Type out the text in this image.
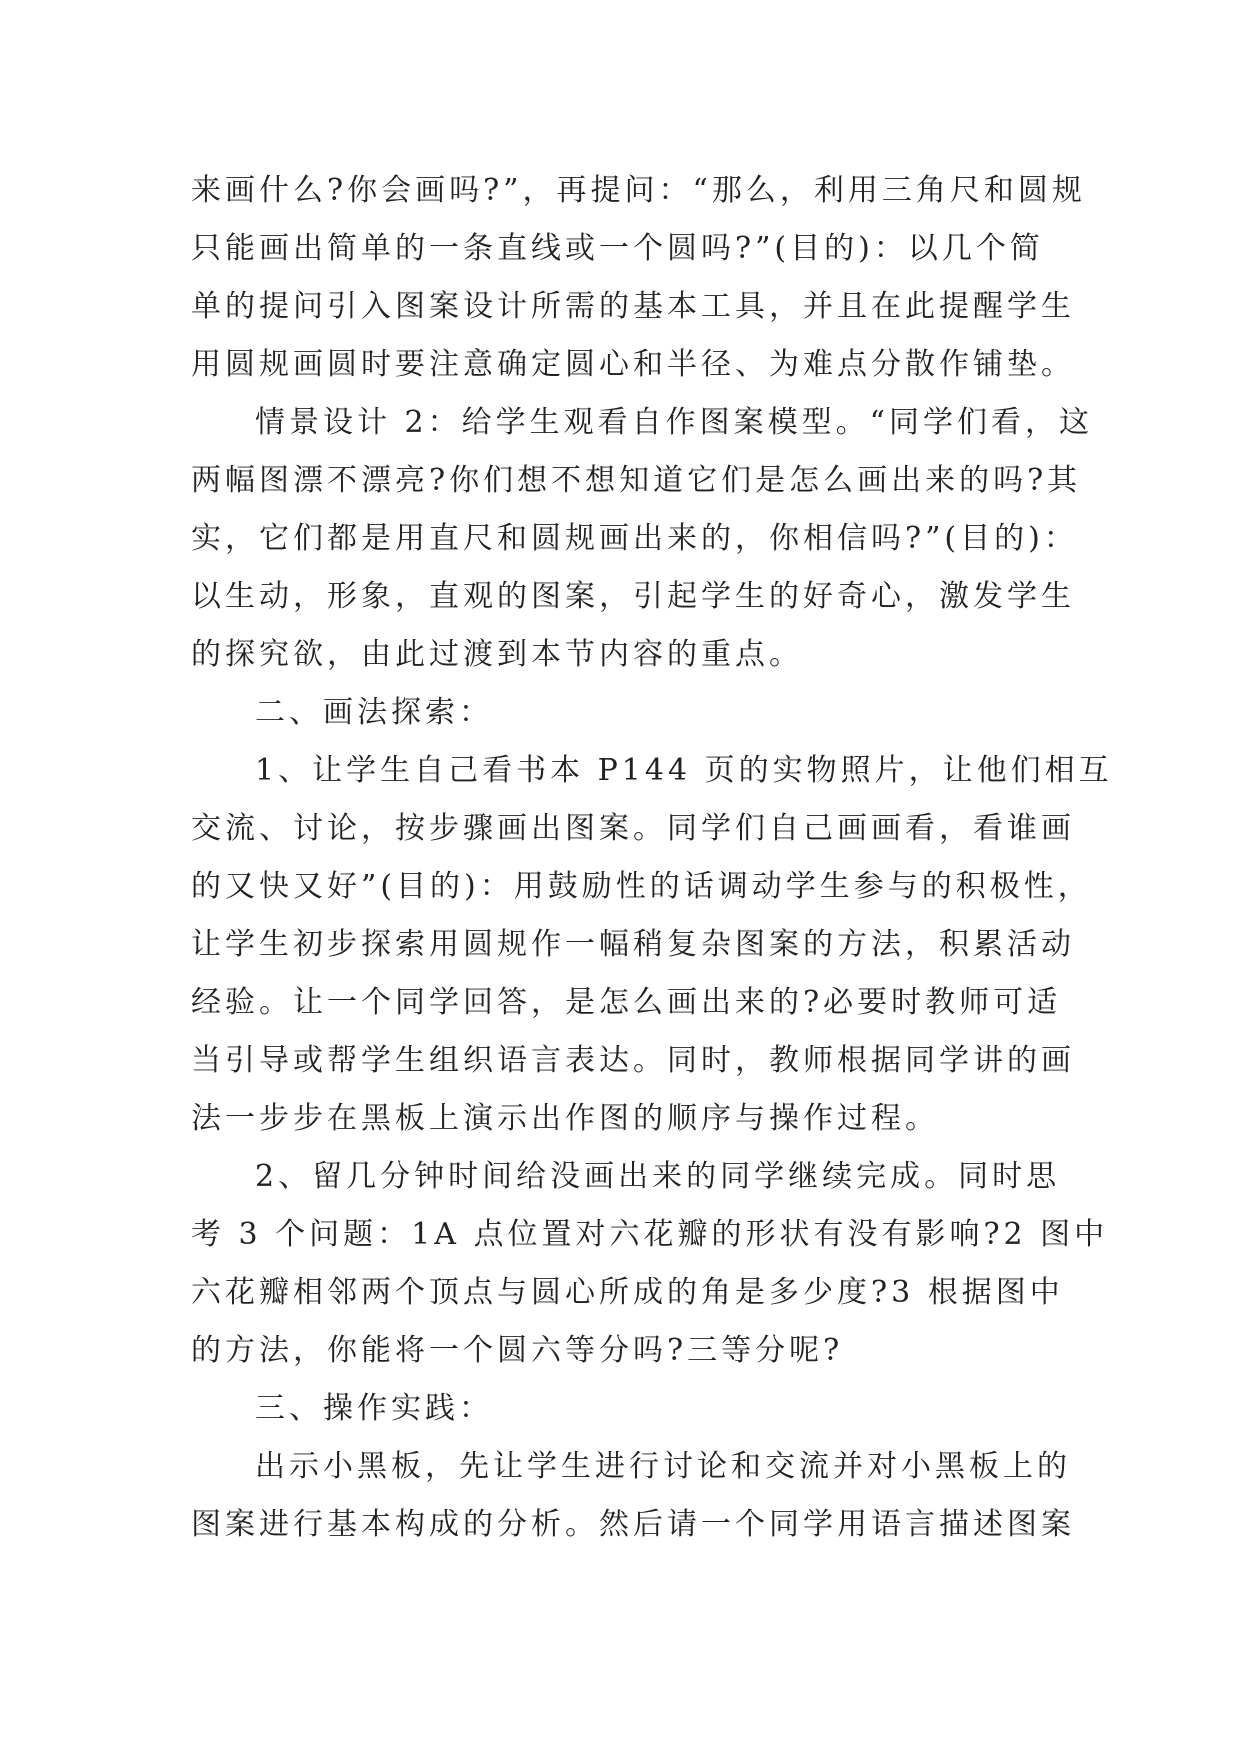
来画什么?你会画吗?”，再提问：“那么，利用三角尺和圆规
只能画出简单的一条直线或一个圆吗?”(目的)：以几个简
单的提问引入图案设计所需的基本工具，并且在此提醒学生
用圆规画圆时要注意确定圆心和半径、为难点分散作铺垫。
情景设计 2：给学生观看自作图案模型。“同学们看，这
两幅图漂不漂亮?你们想不想知道它们是怎么画出来的吗?其
实，它们都是用直尺和圆规画出来的，你相信吗?”(目的)：
以生动，形象，直观的图案，引起学生的好奇心，激发学生
的探究欲，由此过渡到本节内容的重点。
二、画法探索：
1、让学生自己看书本 P144 页的实物照片，让他们相互
交流、讨论，按步骤画出图案。同学们自己画画看，看谁画
的又快又好”(目的)：用鼓励性的话调动学生参与的积极性，
让学生初步探索用圆规作一幅稍复杂图案的方法，积累活动
经验。让一个同学回答，是怎么画出来的?必要时教师可适
当引导或帮学生组织语言表达。同时，教师根据同学讲的画
法一步步在黑板上演示出作图的顺序与操作过程。
2、留几分钟时间给没画出来的同学继续完成。同时思
考 3 个问题：1A 点位置对六花瓣的形状有没有影响?2 图中
六花瓣相邻两个顶点与圆心所成的角是多少度?3 根据图中
的方法，你能将一个圆六等分吗?三等分呢?
三、操作实践：
出示小黑板，先让学生进行讨论和交流并对小黑板上的
图案进行基本构成的分析。然后请一个同学用语言描述图案
